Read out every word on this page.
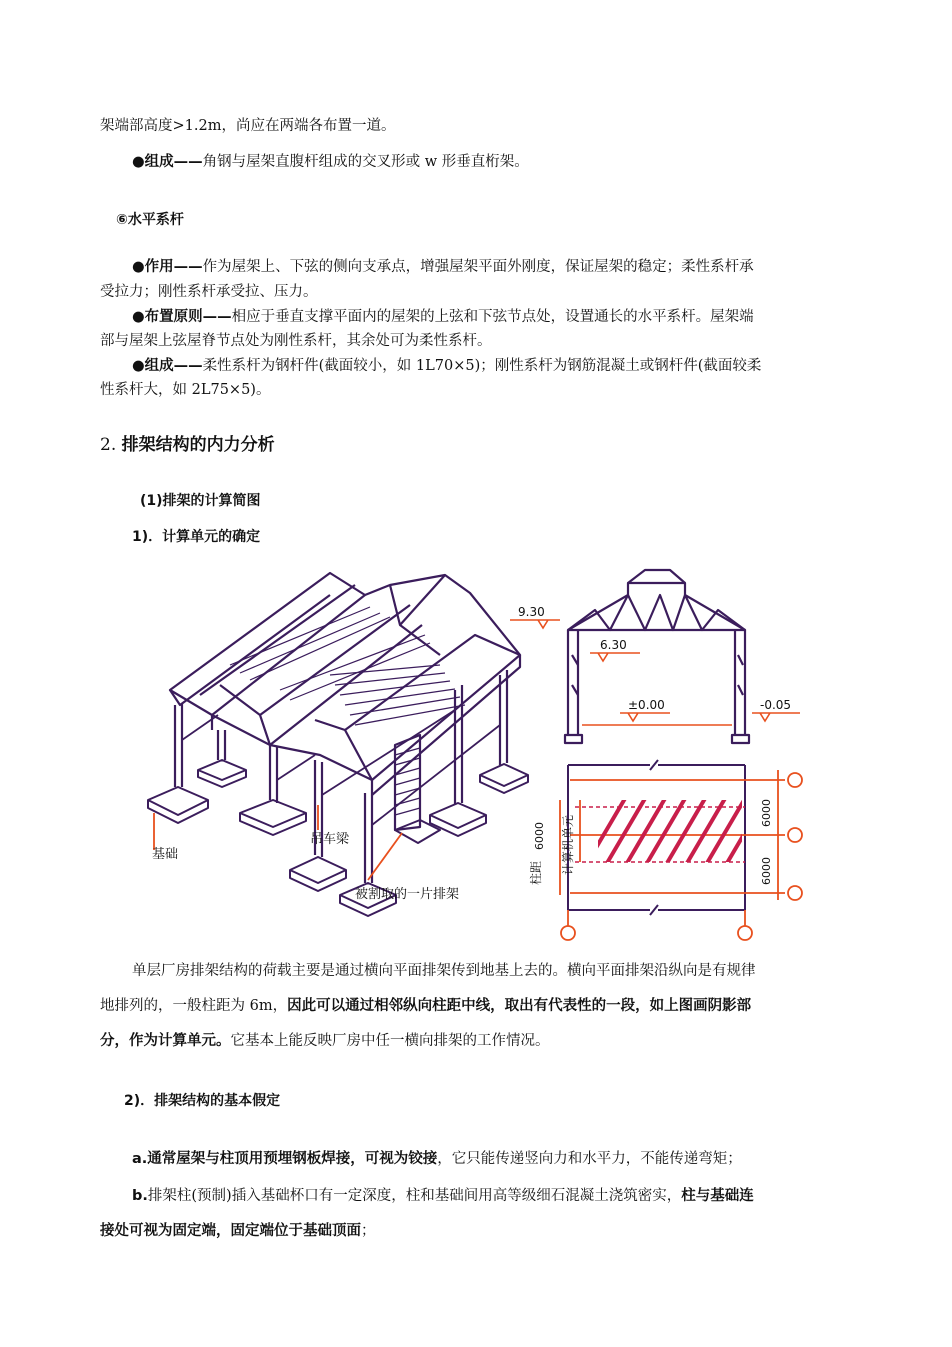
架端部高度>1.2m，尚应在两端各布置一道。
●组成——角钢与屋架直腹杆组成的交叉形或 w 形垂直桁架。
⑥水平系杆
●作用——作为屋架上、下弦的侧向支承点，增强屋架平面外刚度，保证屋架的稳定；柔性系杆承
受拉力；刚性系杆承受拉、压力。
●布置原则——相应于垂直支撑平面内的屋架的上弦和下弦节点处，设置通长的水平系杆。屋架端
部与屋架上弦屋脊节点处为刚性系杆，其余处可为柔性系杆。
●组成——柔性系杆为钢杆件(截面较小，如 1L70×5)；刚性系杆为钢筋混凝土或钢杆件(截面较柔
性系杆大，如 2L75×5)。
2. 排架结构的内力分析
(1)排架的计算简图
1)．计算单元的确定
基础
吊车梁
被割取的一片排架
9.30
6.30
±0.00	-0.05
6000
6000
6000
柱距 计算机单元
单层厂房排架结构的荷载主要是通过横向平面排架传到地基上去的。横向平面排架沿纵向是有规律
地排列的，一般柱距为 6m，因此可以通过相邻纵向柱距中线，取出有代表性的一段，如上图画阴影部
分，作为计算单元。它基本上能反映厂房中任一横向排架的工作情况。
2)．排架结构的基本假定
a.通常屋架与柱顶用预埋钢板焊接，可视为铰接，它只能传递竖向力和水平力，不能传递弯矩；
b.排架柱(预制)插入基础杯口有一定深度，柱和基础间用高等级细石混凝土浇筑密实，柱与基础连
接处可视为固定端，固定端位于基础顶面；
